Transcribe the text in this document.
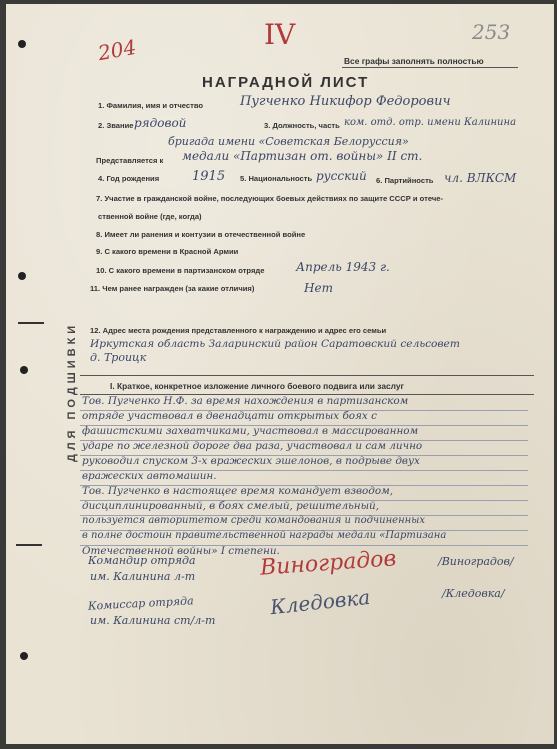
204	IV	253
Все графы заполнять полностью
НАГРАДНОЙ ЛИСТ
ДЛЯ ПОДШИВКИ
1. Фамилия, имя и отчество	Пугченко Никифор Федорович
2. Звание рядовой	3. Должность, часть ком. отд. отр. имени Калинина
бригада имени «Советская Белоруссия»
Представляется к медали «Партизан от. войны» II ст.
4. Год рождения	1915 5. Национальность русский 6. Партийность чл. ВЛКСМ
7. Участие в гражданской войне, последующих боевых действиях по защите СССР и отече-
ственной войне (где, когда)
8. Имеет ли ранения и контузии в отечественной войне
9. С какого времени в Красной Армии
10. С какого времени в партизанском отряде	Апрель 1943 г.
11. Чем ранее награжден (за какие отличия)	Нет
12. Адрес места рождения представленного к награждению и адрес его семьи
Иркутская область Заларинский район Саратовский сельсовет
д. Троицк
I. Краткое, конкретное изложение личного боевого подвига или заслуг
Тов. Пугченко Н.Ф. за время нахождения в партизанском
отряде участвовал в двенадцати открытых боях с
фашистскими захватчиками, участвовал в массированном
ударе по железной дороге два раза, участвовал и сам лично
руководил спуском 3-х вражеских эшелонов, в подрыве двух
вражеских автомашин.
Тов. Пугченко в настоящее время командует взводом,
дисциплинированный, в боях смелый, решительный,
пользуется авторитетом среди командования и подчиненных
в полне достоин правительственной награды медали «Партизана
Отечественной войны» I степени.
Командир отряда
им. Калинина л-т	Виноградов	/Виноградов/
Комиссар отряда
им. Калинина ст/л-т
Кледовка	/Кледовка/
